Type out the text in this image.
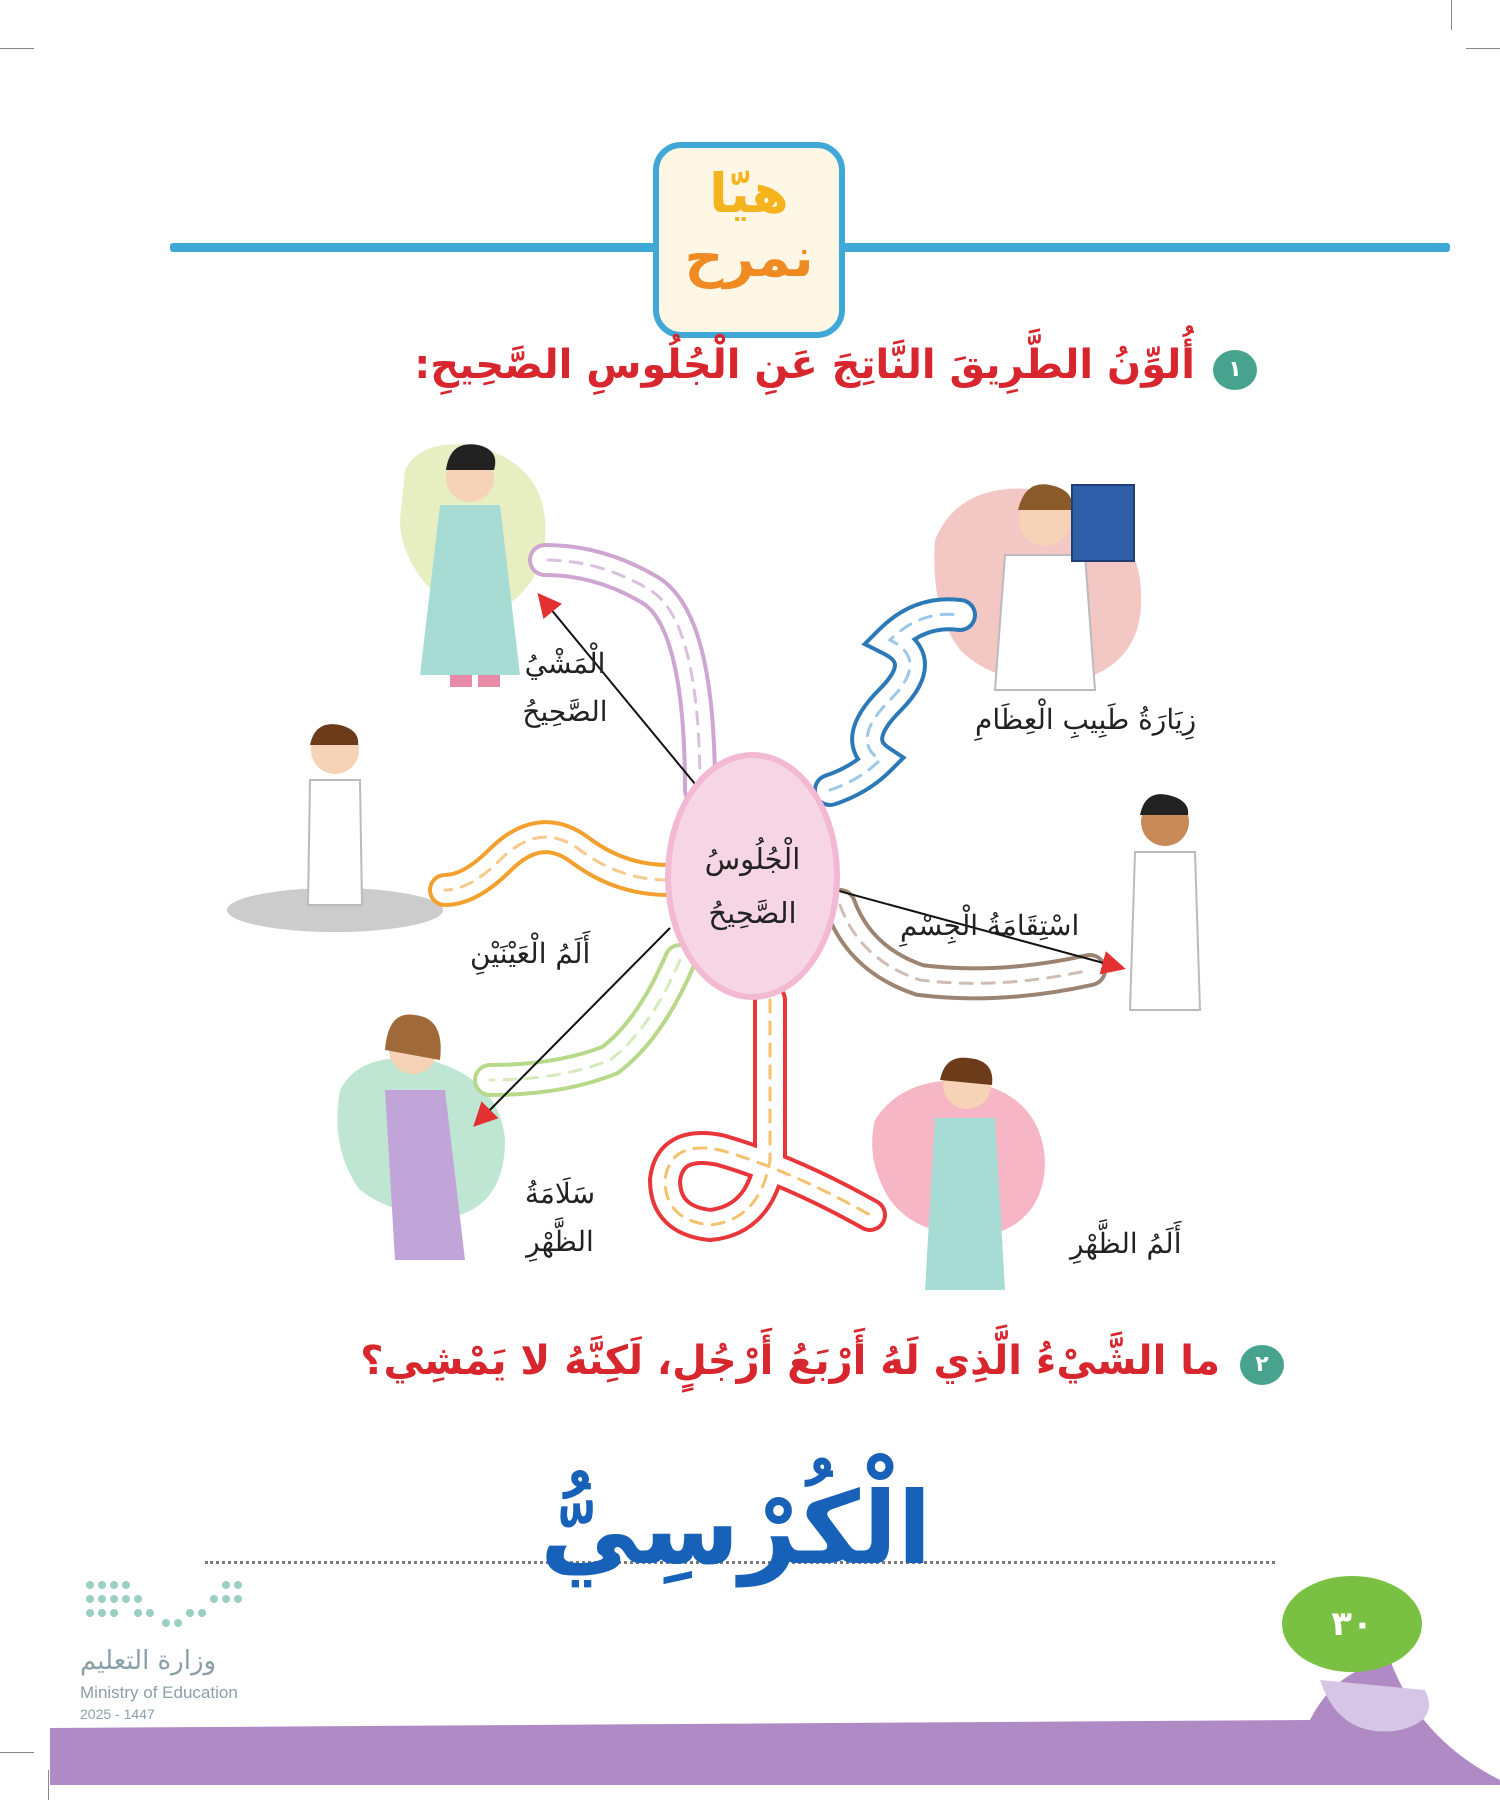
هيّا
نمرح
١
أُلوِّنُ الطَّرِيقَ النَّاتِجَ عَنِ الْجُلُوسِ الصَّحِيحِ:
الْجُلُوسُ
الصَّحِيحُ
الْمَشْيُ
الصَّحِيحُ	زِيَارَةُ طَبِيبِ الْعِظَامِ
أَلَمُ الْعَيْنَيْنِ
اسْتِقَامَةُ الْجِسْمِ
سَلَامَةُ
الظَّهْرِ	أَلَمُ الظَّهْرِ
٢
ما الشَّيْءُ الَّذِي لَهُ أَرْبَعُ أَرْجُلٍ، لَكِنَّهُ لا يَمْشِي؟
الْكُرْسِيُّ
٣٠
وزارة التعليم
Ministry of Education
2025 - 1447
